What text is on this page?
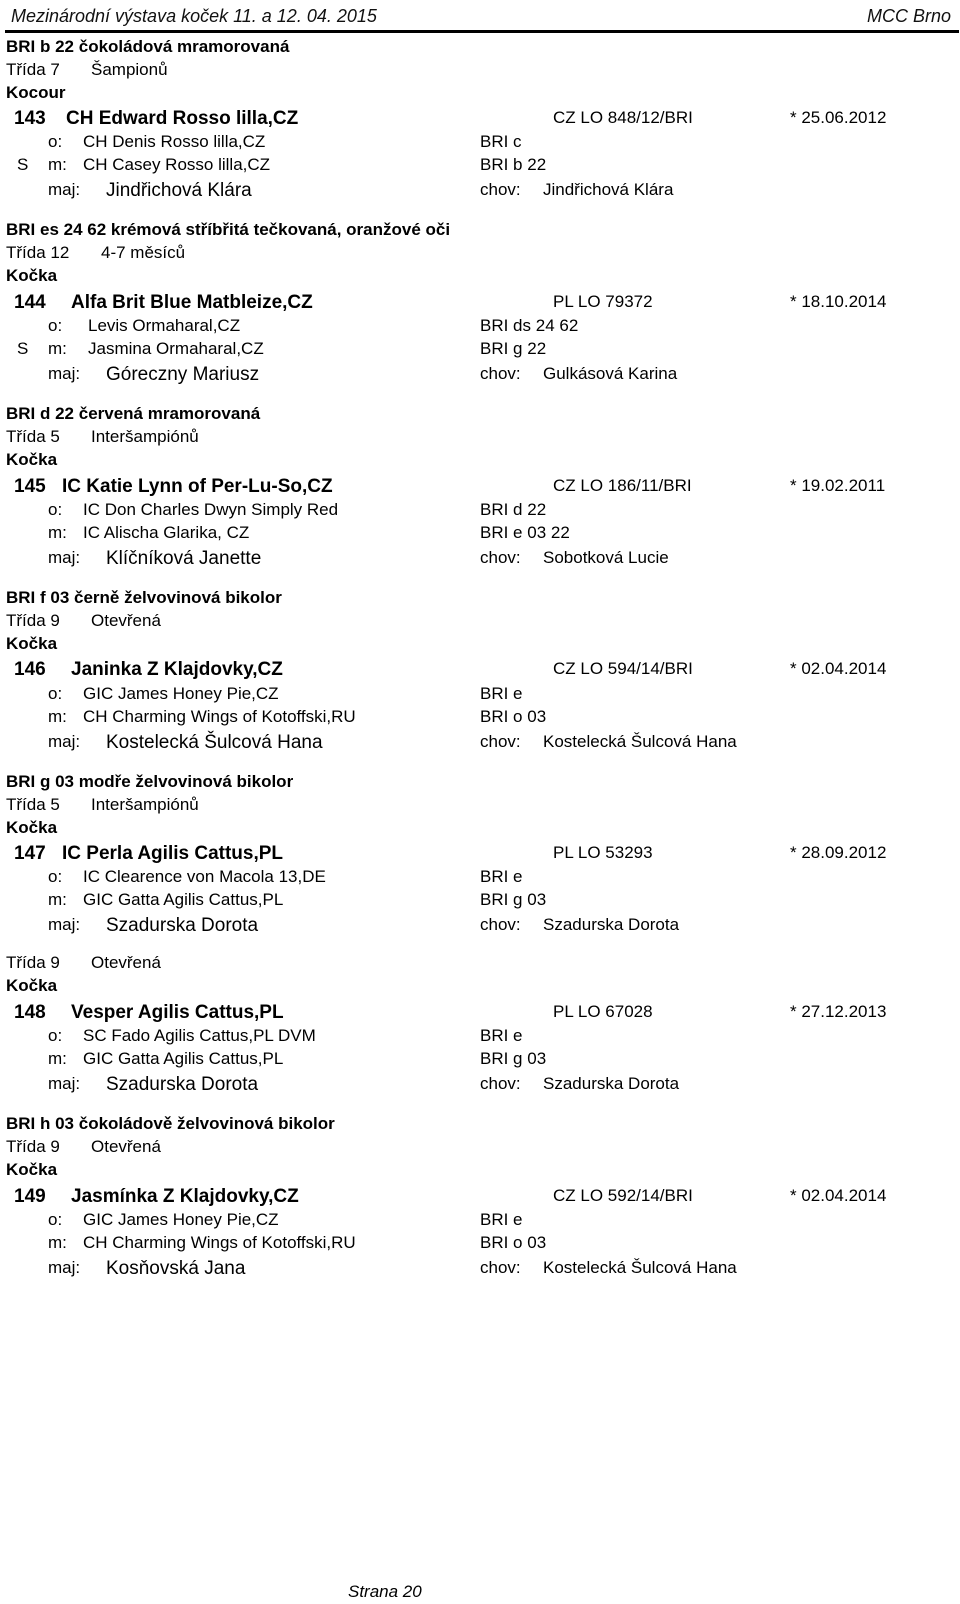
Mezinárodní výstava koček 11. a 12. 04. 2015	MCC Brno
BRI b 22 čokoládová mramorovaná
Třída 7 Šampionů
Kocour
143 CH Edward Rosso lilla,CZ	CZ LO 848/12/BRI	* 25.06.2012
o: CH Denis Rosso lilla,CZ	BRI c
S m: CH Casey Rosso lilla,CZ	BRI b 22
maj: Jindřichová Klára	chov: Jindřichová Klára
BRI es 24 62 krémová stříbřitá tečkovaná, oranžové oči
Třída 12 4-7 měsíců
Kočka
144 Alfa Brit Blue Matbleize,CZ	PL LO 79372	* 18.10.2014
o: Levis Ormaharal,CZ	BRI ds 24 62
S m: Jasmina Ormaharal,CZ	BRI g 22
maj: Góreczny Mariusz	chov: Gulkásová Karina
BRI d 22 červená mramorovaná
Třída 5 Interšampiónů
Kočka
145 IC Katie Lynn of Per-Lu-So,CZ	CZ LO 186/11/BRI	* 19.02.2011
o: IC Don Charles Dwyn Simply Red	BRI d 22
m: IC Alischa Glarika, CZ	BRI e 03 22
maj: Klíčníková Janette	chov: Sobotková Lucie
BRI f 03 černě želvovinová bikolor
Třída 9 Otevřená
Kočka
146 Janinka Z Klajdovky,CZ	CZ LO 594/14/BRI	* 02.04.2014
o: GIC James Honey Pie,CZ	BRI e
m: CH Charming Wings of Kotoffski,RU	BRI o 03
maj: Kostelecká Šulcová Hana	chov: Kostelecká Šulcová Hana
BRI g 03 modře želvovinová bikolor
Třída 5 Interšampiónů
Kočka
147 IC Perla Agilis Cattus,PL	PL LO 53293	* 28.09.2012
o: IC Clearence von Macola 13,DE	BRI e
m: GIC Gatta Agilis Cattus,PL	BRI g 03
maj: Szadurska Dorota	chov: Szadurska Dorota
Třída 9 Otevřená
Kočka
148 Vesper Agilis Cattus,PL	PL LO 67028	* 27.12.2013
o: SC Fado Agilis Cattus,PL DVM	BRI e
m: GIC Gatta Agilis Cattus,PL	BRI g 03
maj: Szadurska Dorota	chov: Szadurska Dorota
BRI h 03 čokoládově želvovinová bikolor
Třída 9 Otevřená
Kočka
149 Jasmínka Z Klajdovky,CZ	CZ LO 592/14/BRI	* 02.04.2014
o: GIC James Honey Pie,CZ	BRI e
m: CH Charming Wings of Kotoffski,RU	BRI o 03
maj: Kosňovská Jana	chov: Kostelecká Šulcová Hana
Strana 20
